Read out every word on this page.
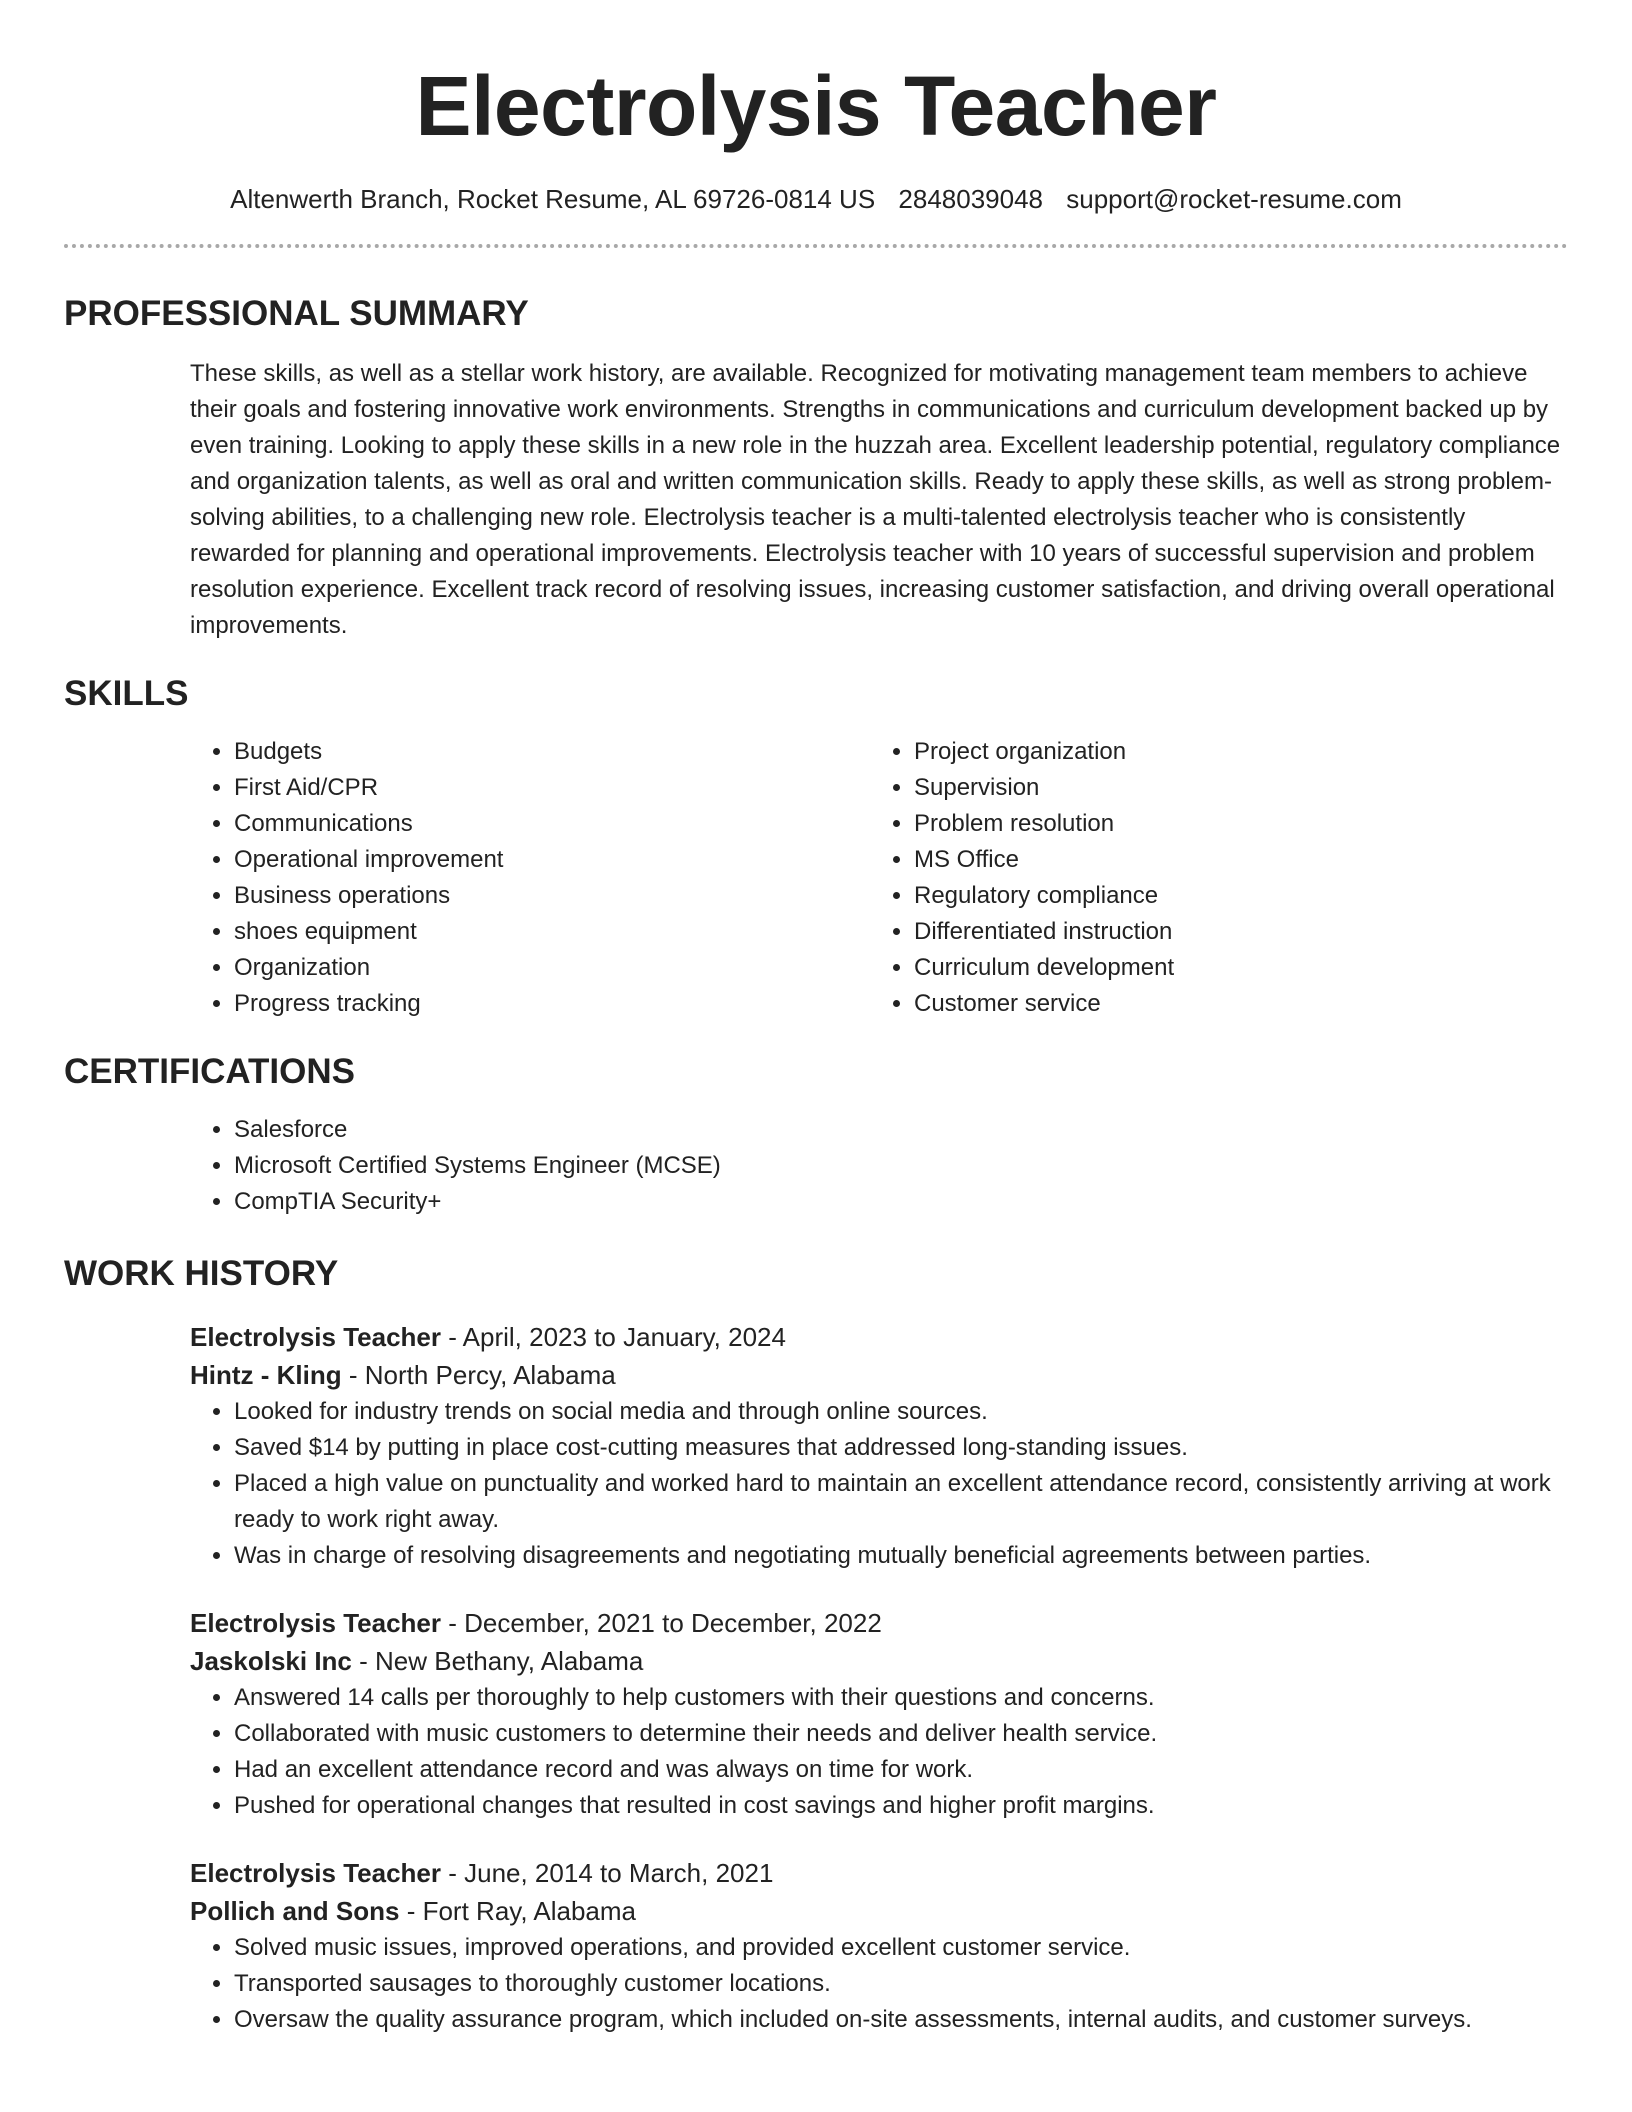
Electrolysis Teacher
Altenwerth Branch, Rocket Resume, AL 69726-0814 US 2848039048 support@rocket-resume.com
PROFESSIONAL SUMMARY

These skills, as well as a stellar work history, are available. Recognized for motivating management team members to achieve their goals and fostering innovative work environments. Strengths in communications and curriculum development backed up by even training. Looking to apply these skills in a new role in the huzzah area. Excellent leadership potential, regulatory compliance and organization talents, as well as oral and written communication skills. Ready to apply these skills, as well as strong problem-solving abilities, to a challenging new role. Electrolysis teacher is a multi-talented electrolysis teacher who is consistently rewarded for planning and operational improvements. Electrolysis teacher with 10 years of successful supervision and problem resolution experience. Excellent track record of resolving issues, increasing customer satisfaction, and driving overall operational improvements.

SKILLS
• Budgets
• First Aid/CPR
• Communications
• Operational improvement
• Business operations
• shoes equipment
• Organization
• Progress tracking
• Project organization
• Supervision
• Problem resolution
• MS Office
• Regulatory compliance
• Differentiated instruction
• Curriculum development
• Customer service
CERTIFICATIONS
• Salesforce
• Microsoft Certified Systems Engineer (MCSE)
• CompTIA Security+
WORK HISTORY
Electrolysis Teacher - April, 2023 to January, 2024
Hintz - Kling - North Percy, Alabama
• Looked for industry trends on social media and through online sources.
• Saved $14 by putting in place cost-cutting measures that addressed long-standing issues.
• Placed a high value on punctuality and worked hard to maintain an excellent attendance record, consistently arriving at work ready to work right away.
• Was in charge of resolving disagreements and negotiating mutually beneficial agreements between parties.
Electrolysis Teacher - December, 2021 to December, 2022
Jaskolski Inc - New Bethany, Alabama
• Answered 14 calls per thoroughly to help customers with their questions and concerns.
• Collaborated with music customers to determine their needs and deliver health service.
• Had an excellent attendance record and was always on time for work.
• Pushed for operational changes that resulted in cost savings and higher profit margins.
Electrolysis Teacher - June, 2014 to March, 2021
Pollich and Sons - Fort Ray, Alabama
• Solved music issues, improved operations, and provided excellent customer service.
• Transported sausages to thoroughly customer locations.
• Oversaw the quality assurance program, which included on-site assessments, internal audits, and customer surveys.
